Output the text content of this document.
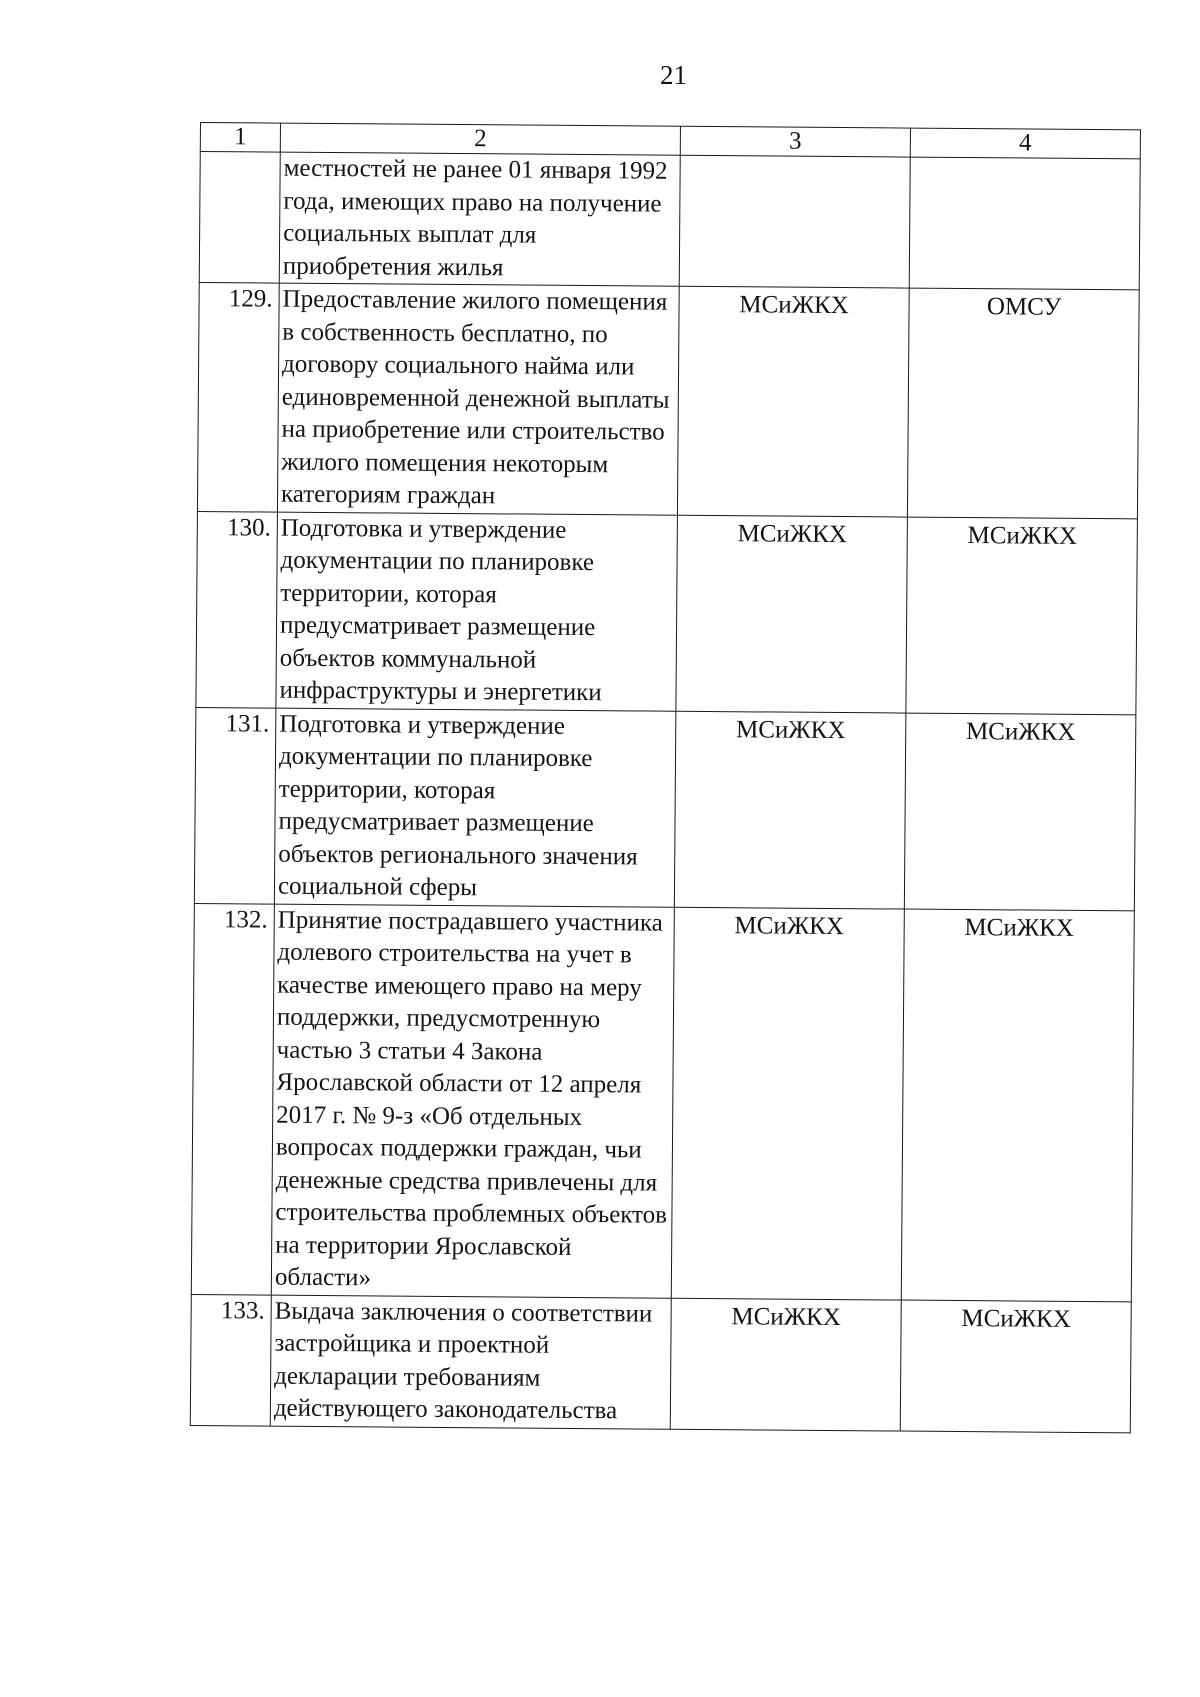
21
1	2	3	4
	местностей не ранее 01 января 1992 года, имеющих право на получение социальных выплат для приобретения жилья		
129.	Предоставление жилого помещения в собственность бесплатно, по договору социального найма или единовременной денежной выплаты на приобретение или строительство жилого помещения некоторым категориям граждан	МСиЖКХ	ОМСУ
130.	Подготовка и утверждение документации по планировке территории, которая предусматривает размещение объектов коммунальной инфраструктуры и энергетики	МСиЖКХ	МСиЖКХ
131.	Подготовка и утверждение документации по планировке территории, которая предусматривает размещение объектов регионального значения социальной сферы	МСиЖКХ	МСиЖКХ
132.	Принятие пострадавшего участника долевого строительства на учет в качестве имеющего право на меру поддержки, предусмотренную частью 3 статьи 4 Закона Ярославской области от 12 апреля 2017 г. № 9-з «Об отдельных вопросах поддержки граждан, чьи денежные средства привлечены для строительства проблемных объектов на территории Ярославской области»	МСиЖКХ	МСиЖКХ
133.	Выдача заключения о соответствии застройщика и проектной декларации требованиям действующего законодательства	МСиЖКХ	МСиЖКХ
